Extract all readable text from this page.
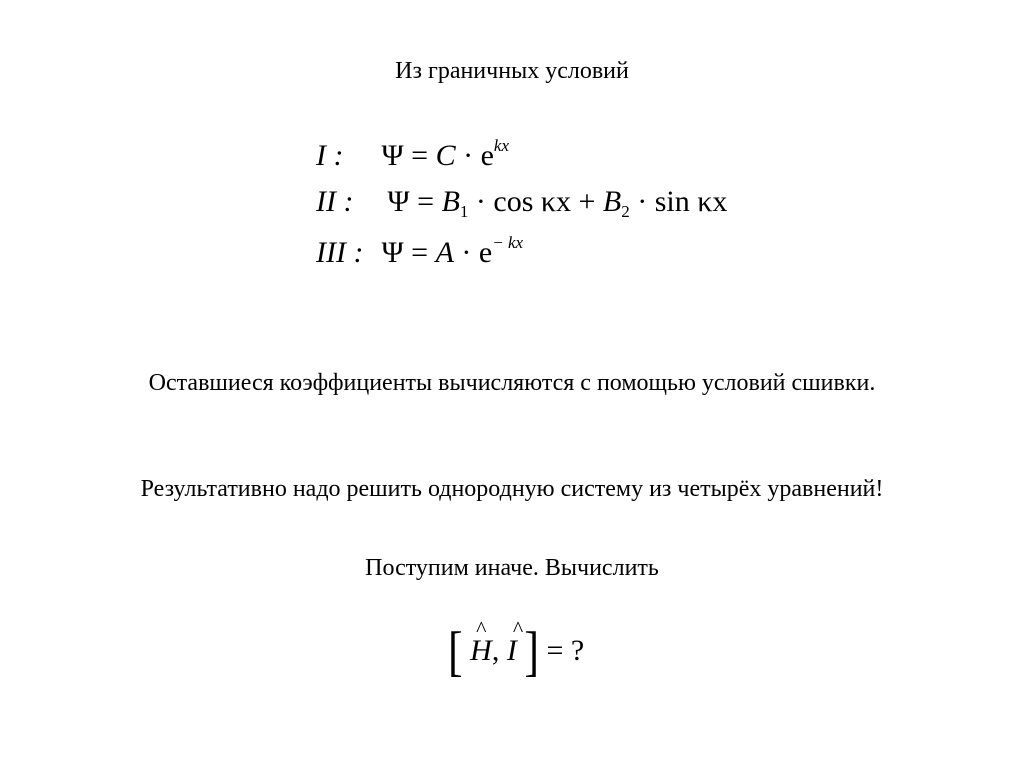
Из граничных условий
I : $\Psi = C \cdot e^{kx}$
II : $\Psi = B_1 \cdot \cos \kappa x + B_2 \cdot \sin \kappa x$
III : $\Psi = A \cdot e^{- kx}$
Оставшиеся коэффициенты вычисляются с помощью условий сшивки.
Результативно надо решить однородную систему из четырёх уравнений!
Поступим иначе. Вычислить
[ ^ H, ^ I ] = ?
